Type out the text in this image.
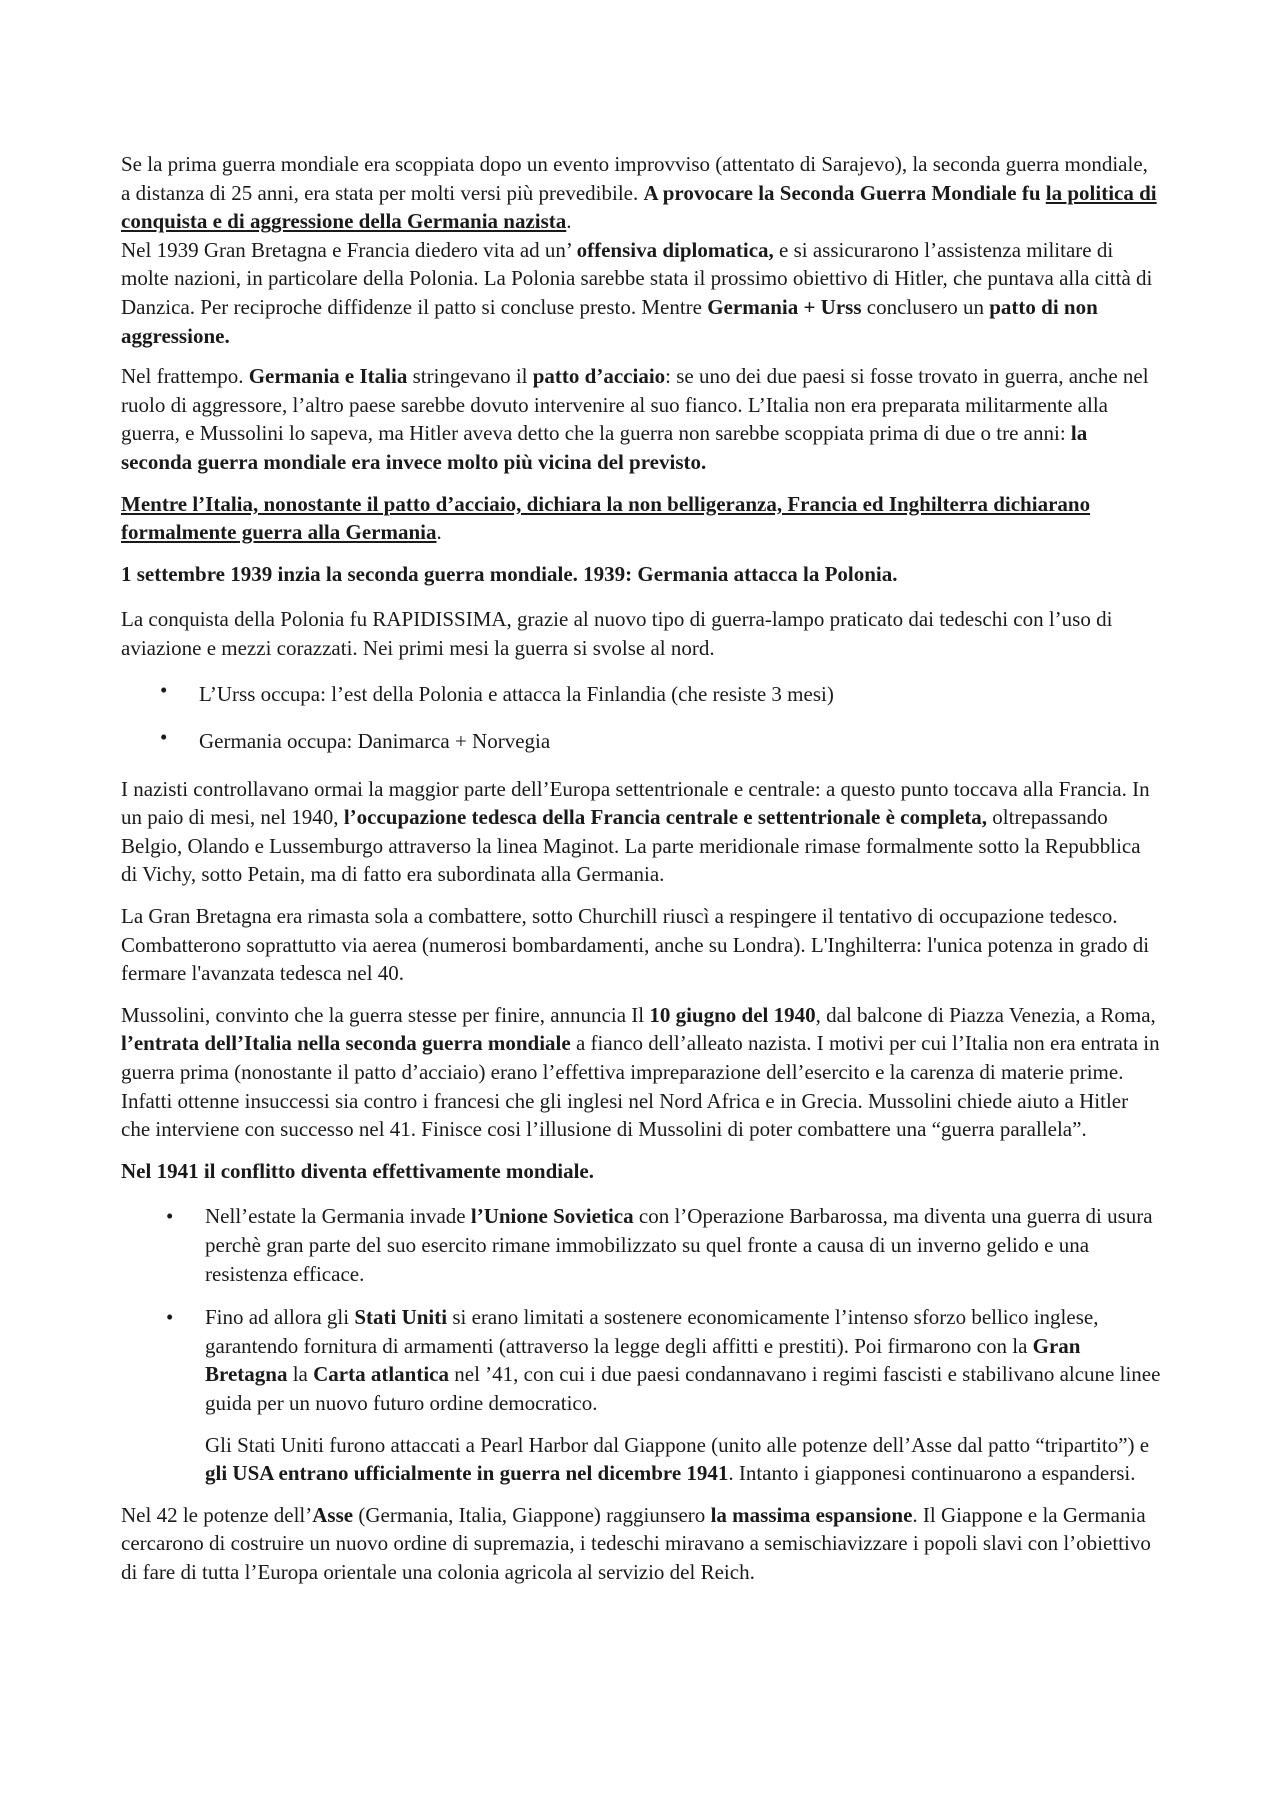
Se la prima guerra mondiale era scoppiata dopo un evento improvviso (attentato di Sarajevo), la seconda guerra mondiale, a distanza di 25 anni, era stata per molti versi più prevedibile. A provocare la Seconda Guerra Mondiale fu la politica di conquista e di aggressione della Germania nazista.
Nel 1939 Gran Bretagna e Francia diedero vita ad un’ offensiva diplomatica, e si assicurarono l’assistenza militare di molte nazioni, in particolare della Polonia. La Polonia sarebbe stata il prossimo obiettivo di Hitler, che puntava alla città di Danzica. Per reciproche diffidenze il patto si concluse presto. Mentre Germania + Urss conclusero un patto di non aggressione.

Nel frattempo. Germania e Italia stringevano il patto d’acciaio: se uno dei due paesi si fosse trovato in guerra, anche nel ruolo di aggressore, l’altro paese sarebbe dovuto intervenire al suo fianco. L’Italia non era preparata militarmente alla guerra, e Mussolini lo sapeva, ma Hitler aveva detto che la guerra non sarebbe scoppiata prima di due o tre anni: la seconda guerra mondiale era invece molto più vicina del previsto.

Mentre l’Italia, nonostante il patto d’acciaio, dichiara la non belligeranza, Francia ed Inghilterra dichiarano formalmente guerra alla Germania.

1 settembre 1939 inzia la seconda guerra mondiale. 1939: Germania attacca la Polonia.

La conquista della Polonia fu RAPIDISSIMA, grazie al nuovo tipo di guerra-lampo praticato dai tedeschi con l’uso di aviazione e mezzi corazzati. Nei primi mesi la guerra si svolse al nord.

• L’Urss occupa: l’est della Polonia e attacca la Finlandia (che resiste 3 mesi)
• Germania occupa: Danimarca + Norvegia

I nazisti controllavano ormai la maggior parte dell’Europa settentrionale e centrale: a questo punto toccava alla Francia. In un paio di mesi, nel 1940, l’occupazione tedesca della Francia centrale e settentrionale è completa, oltrepassando Belgio, Olando e Lussemburgo attraverso la linea Maginot. La parte meridionale rimase formalmente sotto la Repubblica di Vichy, sotto Petain, ma di fatto era subordinata alla Germania.

La Gran Bretagna era rimasta sola a combattere, sotto Churchill riuscì a respingere il tentativo di occupazione tedesco. Combatterono soprattutto via aerea (numerosi bombardamenti, anche su Londra). L'Inghilterra: l'unica potenza in grado di fermare l'avanzata tedesca nel 40.

Mussolini, convinto che la guerra stesse per finire, annuncia Il 10 giugno del 1940, dal balcone di Piazza Venezia, a Roma, l’entrata dell’Italia nella seconda guerra mondiale a fianco dell’alleato nazista. I motivi per cui l’Italia non era entrata in guerra prima (nonostante il patto d’acciaio) erano l’effettiva impreparazione dell’esercito e la carenza di materie prime. Infatti ottenne insuccessi sia contro i francesi che gli inglesi nel Nord Africa e in Grecia. Mussolini chiede aiuto a Hitler che interviene con successo nel 41. Finisce cosi l’illusione di Mussolini di poter combattere una “guerra parallela”.

Nel 1941 il conflitto diventa effettivamente mondiale.

• Nell’estate la Germania invade l’Unione Sovietica con l’Operazione Barbarossa, ma diventa una guerra di usura perchè gran parte del suo esercito rimane immobilizzato su quel fronte a causa di un inverno gelido e una resistenza efficace.
• Fino ad allora gli Stati Uniti si erano limitati a sostenere economicamente l’intenso sforzo bellico inglese, garantendo fornitura di armamenti (attraverso la legge degli affitti e prestiti). Poi firmarono con la Gran Bretagna la Carta atlantica nel ’41, con cui i due paesi condannavano i regimi fascisti e stabilivano alcune linee guida per un nuovo futuro ordine democratico.

Gli Stati Uniti furono attaccati a Pearl Harbor dal Giappone (unito alle potenze dell’Asse dal patto “tripartito”) e gli USA entrano ufficialmente in guerra nel dicembre 1941. Intanto i giapponesi continuarono a espandersi.

Nel 42 le potenze dell’Asse (Germania, Italia, Giappone) raggiunsero la massima espansione. Il Giappone e la Germania cercarono di costruire un nuovo ordine di supremazia, i tedeschi miravano a semischiavizzare i popoli slavi con l’obiettivo di fare di tutta l’Europa orientale una colonia agricola al servizio del Reich.
